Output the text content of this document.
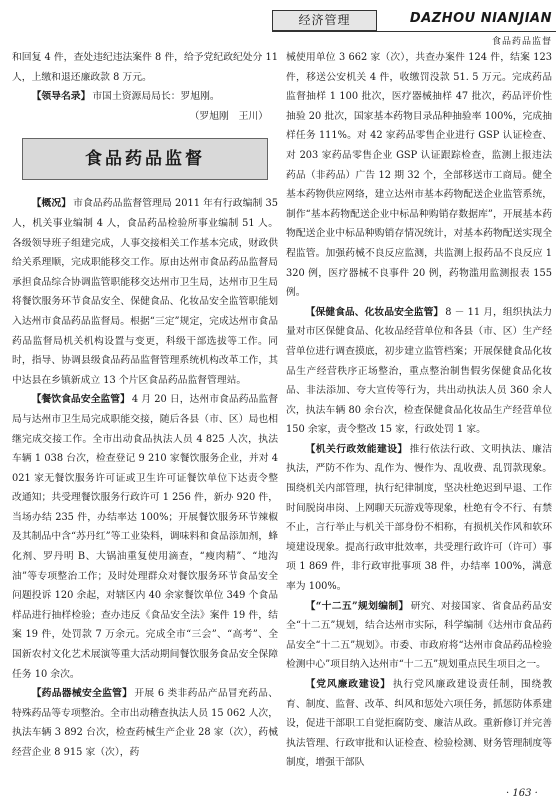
经济管理	DAZHOU NIANJIAN
食品药品监督

和回复 4 件，查处违纪违法案件 8 件，给予党纪政纪处分 11 人，上缴和退还廉政款 8 万元。

【领导名录】 市国土资源局局长：罗旭刚。

（罗旭刚　王川）

食品药品监督

【概况】 市食品药品监督管理局 2011 年有行政编制 35 人，机关事业编制 4 人，食品药品检验所事业编制 51 人。各级领导班子组建完成，人事交接相关工作基本完成，财政供给关系理顺，完成职能移交工作。原由达州市食品药品监督局承担食品综合协调监管职能移交达州市卫生局，达州市卫生局将餐饮服务环节食品安全、保健食品、化妆品安全监管职能划入达州市食品药品监督局。根据“三定”规定，完成达州市食品药品监督局机关机构设置与变更，科级干部选拔等工作。同时，指导、协调县级食品药品监督管理系统机构改革工作，其中达县在乡镇新成立 13 个片区食品药品监督管理站。

【餐饮食品安全监管】 4 月 20 日，达州市食品药品监督局与达州市卫生局完成职能交接，随后各县（市、区）局也相继完成交接工作。全市出动食品执法人员 4 825 人次，执法车辆 1 038 台次，检查登记 9 210 家餐饮服务企业，并对 4 021 家无餐饮服务许可证或卫生许可证餐饮单位下达责令整改通知；共受理餐饮服务行政许可 1 256 件，新办 920 件，当场办结 235 件，办结率达 100%；开展餐饮服务环节辣椒及其制品中含“苏丹红”等工业染料，调味料和食品添加剂，蜂化剂、罗丹明 B、大锅油重复使用滴查，“瘦肉精”、“地沟油”等专项整治工作；及时处理群众对餐饮服务环节食品安全问题投诉 120 余起，对辖区内 40 余家餐饮单位 349 个食品样品进行抽样检验；查办违反《食品安全法》案件 19 件，结案 19 件，处罚款 7 万余元。完成全市“三会”、“高考”、全国新农村文化艺术展演等重大活动期间餐饮服务食品安全保障任务 10 余次。

【药品器械安全监管】 开展 6 类非药品产品冒充药品、特殊药品等专项整治。全市出动稽查执法人员 15 062 人次，执法车辆 3 892 台次，检查药械生产企业 28 家（次），药械经营企业 8 915 家（次），药

械使用单位 3 662 家（次），共查办案件 124 件，结案 123 件，移送公安机关 4 件，收缴罚没款 51. 5 万元。完成药品监督抽样 1 100 批次，医疗器械抽样 47 批次，药品评价性抽验 20 批次，国家基本药物目录品种抽验率 100%，完成抽样任务 111%。对 42 家药品零售企业进行 GSP 认证检查、对 203 家药品零售企业 GSP 认证跟踪检查，监测上报违法药品（非药品）广告 12 期 32 个，全部移送市工商局。健全基本药物供应网络，建立达州市基本药物配送企业监管系统，制作“基本药物配送企业中标品种购销存数据库”，开展基本药物配送企业中标品种购销存情况统计，对基本药物配送实现全程监管。加强药械不良反应监测，共监测上报药品不良反应 1 320 例，医疗器械不良事件 20 例，药物滥用监测报表 155 例。

【保健食品、化妆品安全监管】 8 － 11 月，组织执法力量对市区保健食品、化妆品经营单位和各县（市、区）生产经营单位进行调查摸底，初步建立监管档案；开展保健食品化妆品生产经营秩序正场整治，重点整治制售假劣保健食品化妆品、非法添加、夸大宣传等行为，共出动执法人员 360 余人次，执法车辆 80 余台次，检查保健食品化妆品生产经营单位 150 余家，责令整改 15 家，行政处罚 1 家。

【机关行政效能建设】 推行依法行政、文明执法、廉洁执法，严防不作为、乱作为、慢作为、乱收费、乱罚款现象。围绕机关内部管理，执行纪律制度，坚决杜绝迟到早退、工作时间脱岗串岗、上网聊天玩游戏等现象，杜绝有令不行、有禁不止，言行举止与机关干部身份不相称，有损机关作风和软环境建设现象。提高行政审批效率，共受理行政许可（许可）事项 1 869 件，非行政审批事项 38 件，办结率 100%，满意率为 100%。

【“十二五”规划编制】 研究、对接国家、省食品药品安全“十二五”规划，结合达州市实际，科学编制《达州市食品药品安全“十二五”规划》。市委、市政府将“达州市食品药品检验检测中心”项目纳入达州市“十二五”规划重点民生项目之一。

【党风廉政建设】 执行党风廉政建设责任制，围绕教育、制度、监督、改革、纠风和惩处六项任务，抓惩防体系建设，促进干部职工自觉拒腐防变、廉洁从政。重新修订并完善执法管理、行政审批和认证检查、检验检测、财务管理制度等制度，增强干部队

· 163 ·
